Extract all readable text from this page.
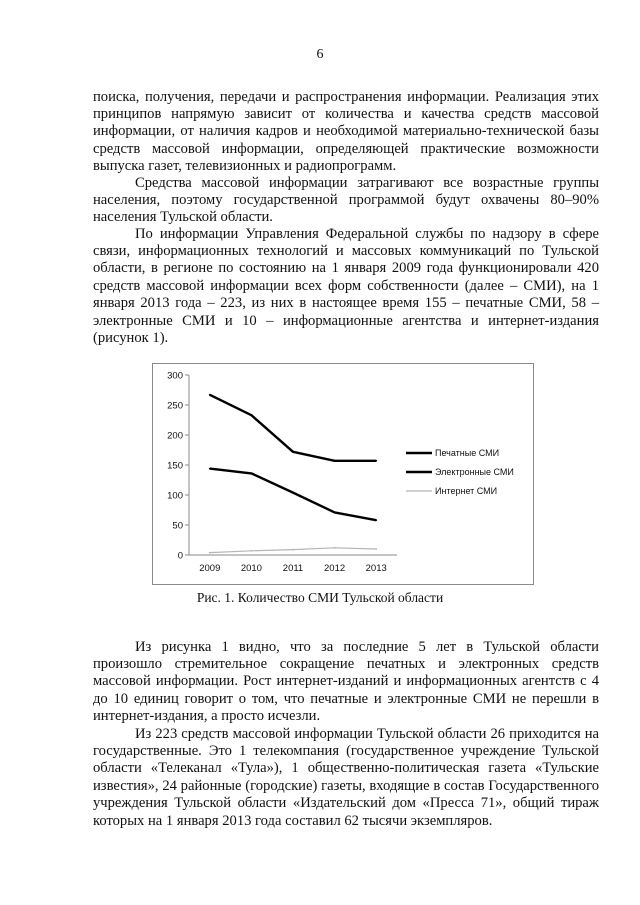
6

поиска, получения, передачи и распространения информации. Реализация этих принципов напрямую зависит от количества и качества средств массовой информации, от наличия кадров и необходимой материально-технической базы средств массовой информации, определяющей практические возможности выпуска газет, телевизионных и радиопрограмм.

Средства массовой информации затрагивают все возрастные группы населения, поэтому государственной программой будут охвачены 80–90% населения Тульской области.

По информации Управления Федеральной службы по надзору в сфере связи, информационных технологий и массовых коммуникаций по Тульской области, в регионе по состоянию на 1 января 2009 года функционировали 420 средств массовой информации всех форм собственности (далее – СМИ), на 1 января 2013 года – 223, из них в настоящее время 155 – печатные СМИ, 58 – электронные СМИ и 10 – информационные агентства и интернет-издания (рисунок 1).

0
50
100
150
200
250
300
2009 2010 2011 2012 2013
Печатные СМИ
Электронные СМИ
Интернет СМИ
Рис. 1. Количество СМИ Тульской области

Из рисунка 1 видно, что за последние 5 лет в Тульской области произошло стремительное сокращение печатных и электронных средств массовой информации. Рост интернет-изданий и информационных агентств с 4 до 10 единиц говорит о том, что печатные и электронные СМИ не перешли в интернет-издания, а просто исчезли.

Из 223 средств массовой информации Тульской области 26 приходится на государственные. Это 1 телекомпания (государственное учреждение Тульской области «Телеканал «Тула»), 1 общественно-политическая газета «Тульские известия», 24 районные (городские) газеты, входящие в состав Государственного учреждения Тульской области «Издательский дом «Пресса 71», общий тираж которых на 1 января 2013 года составил 62 тысячи экземпляров.
